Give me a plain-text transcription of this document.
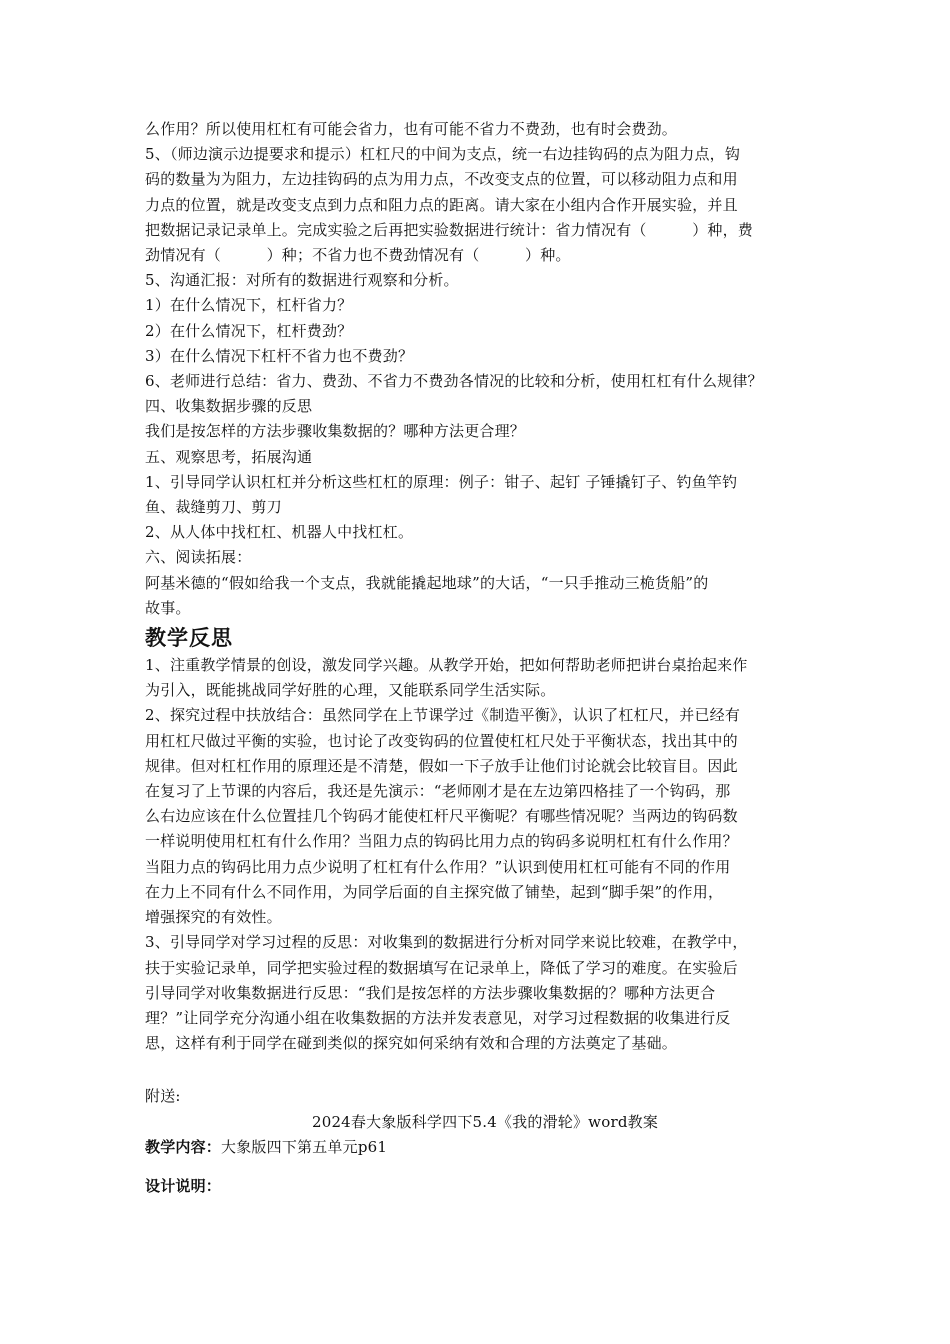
么作用？所以使用杠杠有可能会省力，也有可能不省力不费劲，也有时会费劲。

5、（师边演示边提要求和提示）杠杠尺的中间为支点，统一右边挂钩码的点为阻力点，钩

码的数量为为阻力，左边挂钩码的点为用力点，不改变支点的位置，可以移动阻力点和用

力点的位置，就是改变支点到力点和阻力点的距离。请大家在小组内合作开展实验，并且

把数据记录记录单上。完成实验之后再把实验数据进行统计：省力情况有（　　　）种，费

劲情况有（　　　）种；不省力也不费劲情况有（　　　）种。

5、沟通汇报：对所有的数据进行观察和分析。

1）在什么情况下，杠杆省力？

2）在什么情况下，杠杆费劲？

3）在什么情况下杠杆不省力也不费劲？

6、老师进行总结：省力、费劲、不省力不费劲各情况的比较和分析，使用杠杠有什么规律？

四、收集数据步骤的反思

我们是按怎样的方法步骤收集数据的？哪种方法更合理？

五、观察思考，拓展沟通

1、引导同学认识杠杠并分析这些杠杠的原理：例子：钳子、起钉 子锤撬钉子、钓鱼竿钓

鱼、裁缝剪刀、剪刀

2、从人体中找杠杠、机器人中找杠杠。

六、阅读拓展：

阿基米德的“假如给我一个支点，我就能撬起地球”的大话，“一只手推动三桅货船”的

故事。

教学反思

1、注重教学情景的创设，激发同学兴趣。从教学开始，把如何帮助老师把讲台桌抬起来作

为引入，既能挑战同学好胜的心理，又能联系同学生活实际。

2、探究过程中扶放结合：虽然同学在上节课学过《制造平衡》，认识了杠杠尺，并已经有

用杠杠尺做过平衡的实验，也讨论了改变钩码的位置使杠杠尺处于平衡状态，找出其中的

规律。但对杠杠作用的原理还是不清楚，假如一下子放手让他们讨论就会比较盲目。因此

在复习了上节课的内容后，我还是先演示：“老师刚才是在左边第四格挂了一个钩码，那

么右边应该在什么位置挂几个钩码才能使杠杆尺平衡呢？有哪些情况呢？当两边的钩码数

一样说明使用杠杠有什么作用？当阻力点的钩码比用力点的钩码多说明杠杠有什么作用？

当阻力点的钩码比用力点少说明了杠杠有什么作用？”认识到使用杠杠可能有不同的作用

在力上不同有什么不同作用，为同学后面的自主探究做了铺垫，起到“脚手架”的作用，

增强探究的有效性。

3、引导同学对学习过程的反思：对收集到的数据进行分析对同学来说比较难，在教学中，

扶于实验记录单，同学把实验过程的数据填写在记录单上，降低了学习的难度。在实验后

引导同学对收集数据进行反思：“我们是按怎样的方法步骤收集数据的？哪种方法更合

理？”让同学充分沟通小组在收集数据的方法并发表意见，对学习过程数据的收集进行反

思，这样有利于同学在碰到类似的探究如何采纳有效和合理的方法奠定了基础。

附送:

2024春大象版科学四下5.4《我的滑轮》word教案

教学内容：大象版四下第五单元p61

设计说明：
